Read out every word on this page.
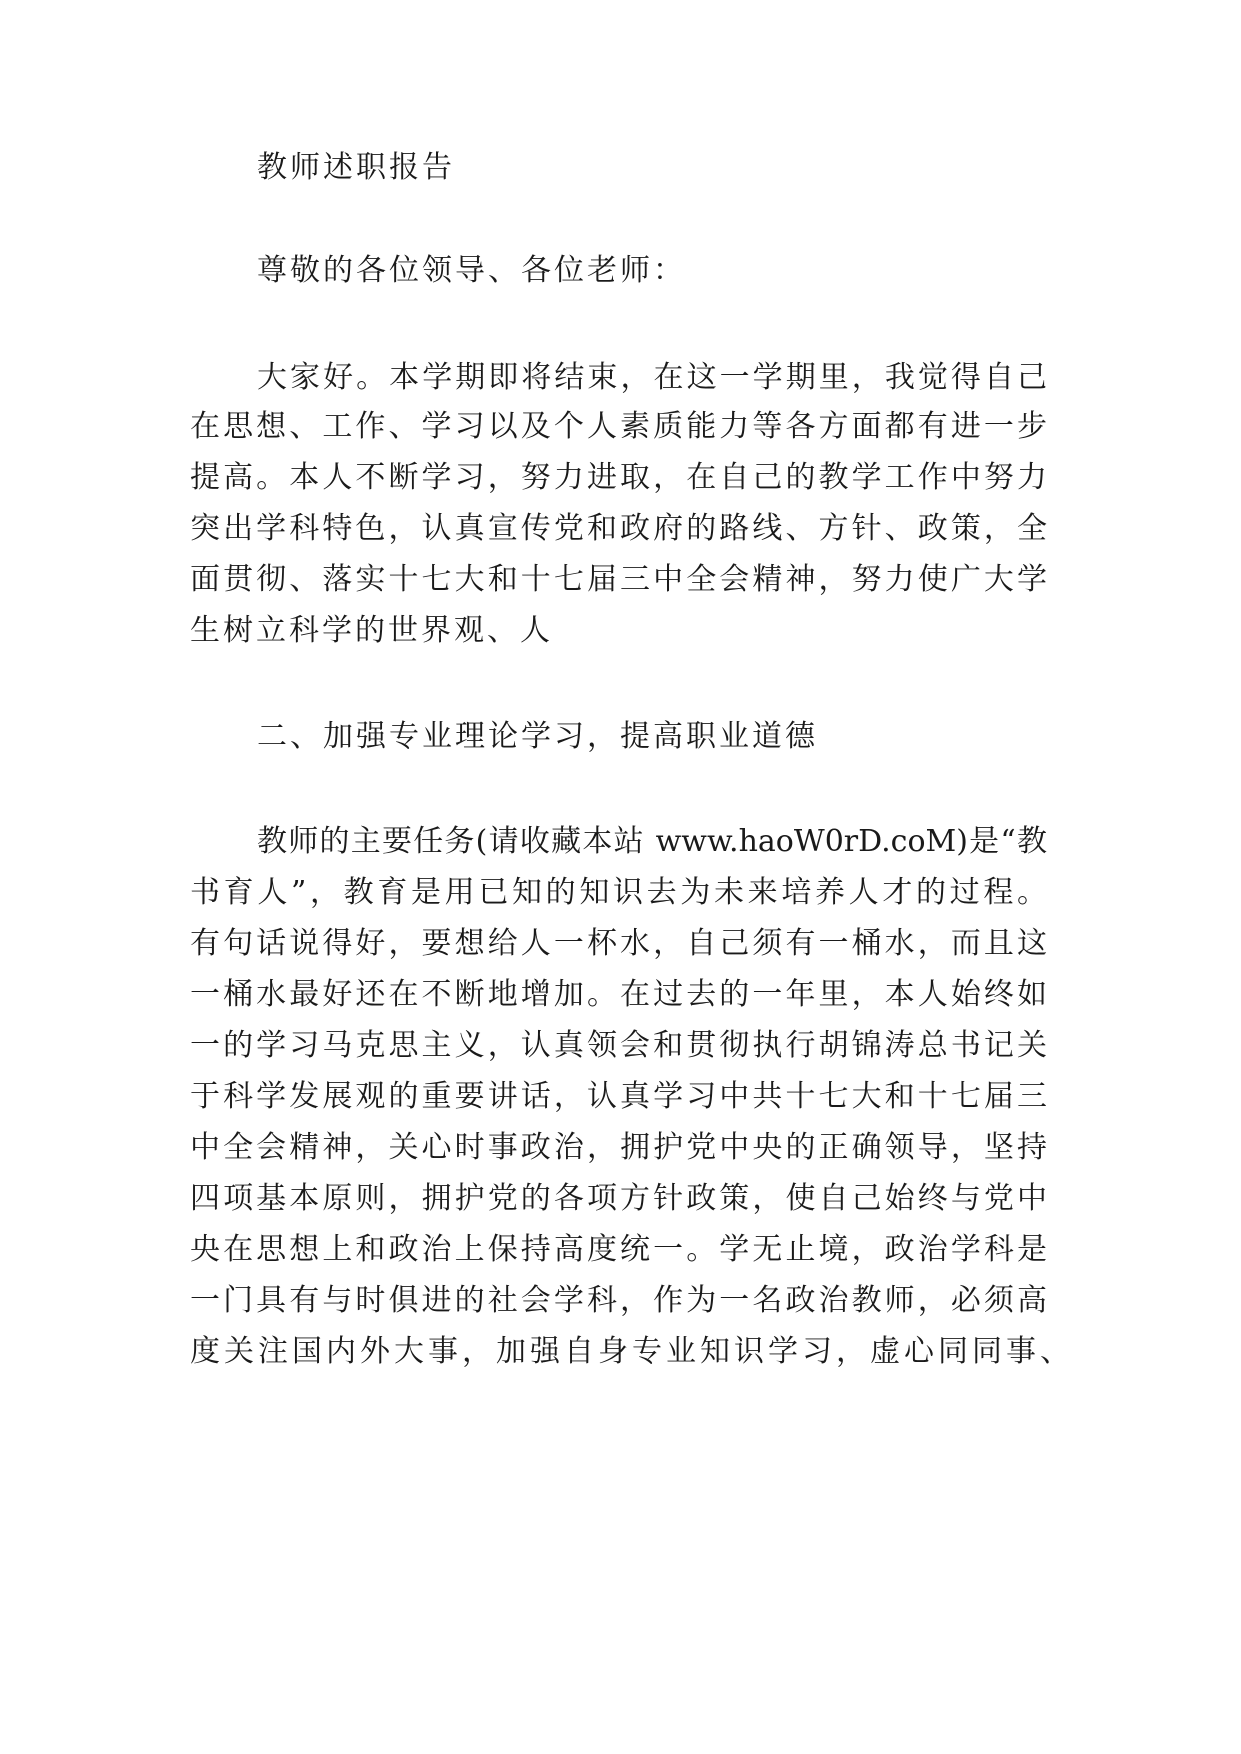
教师述职报告
尊敬的各位领导、各位老师：
大家好。本学期即将结束，在这一学期里，我觉得自己
在思想、工作、学习以及个人素质能力等各方面都有进一步
提高。本人不断学习，努力进取，在自己的教学工作中努力
突出学科特色，认真宣传党和政府的路线、方针、政策，全
面贯彻、落实十七大和十七届三中全会精神，努力使广大学
生树立科学的世界观、人
二、加强专业理论学习，提高职业道德
教师的主要任务(请收藏本站 www.haoW0rD.coM)是“教
书育人”，教育是用已知的知识去为未来培养人才的过程。
有句话说得好，要想给人一杯水，自己须有一桶水，而且这
一桶水最好还在不断地增加。在过去的一年里，本人始终如
一的学习马克思主义，认真领会和贯彻执行胡锦涛总书记关
于科学发展观的重要讲话，认真学习中共十七大和十七届三
中全会精神，关心时事政治，拥护党中央的正确领导，坚持
四项基本原则，拥护党的各项方针政策，使自己始终与党中
央在思想上和政治上保持高度统一。学无止境，政治学科是
一门具有与时俱进的社会学科，作为一名政治教师，必须高
度关注国内外大事，加强自身专业知识学习，虚心同同事、
